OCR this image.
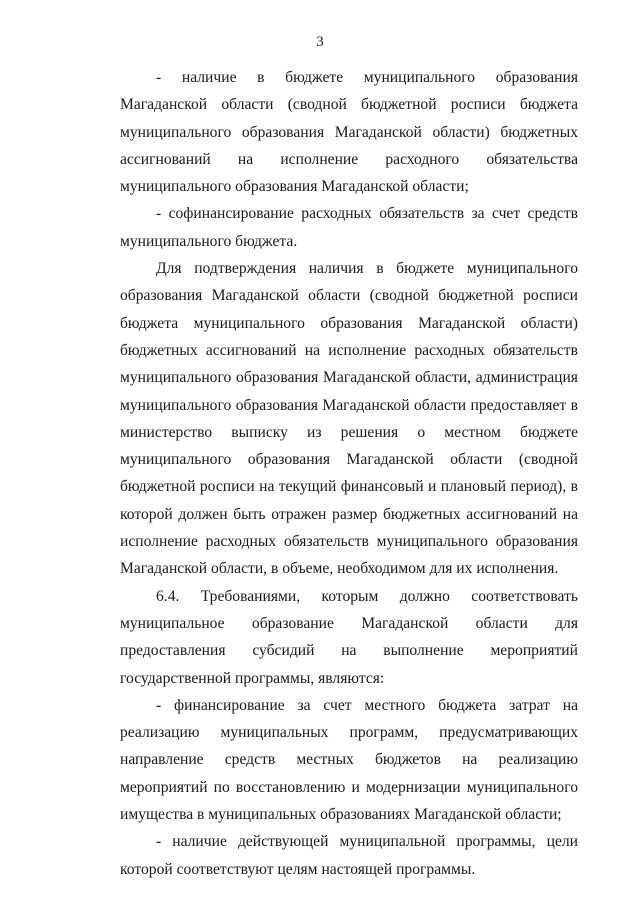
3

- наличие в бюджете муниципального образования Магаданской области (сводной бюджетной росписи бюджета муниципального образования Магаданской области) бюджетных ассигнований на исполнение расходного обязательства муниципального образования Магаданской области;

- софинансирование расходных обязательств за счет средств муниципального бюджета.

Для подтверждения наличия в бюджете муниципального образования Магаданской области (сводной бюджетной росписи бюджета муниципального образования Магаданской области) бюджетных ассигнований на исполнение расходных обязательств муниципального образования Магаданской области, администрация муниципального образования Магаданской области предоставляет в министерство выписку из решения о местном бюджете муниципального образования Магаданской области (сводной бюджетной росписи на текущий финансовый и плановый период), в которой должен быть отражен размер бюджетных ассигнований на исполнение расходных обязательств муниципального образования Магаданской области, в объеме, необходимом для их исполнения.

6.4. Требованиями, которым должно соответствовать муниципальное образование Магаданской области для предоставления субсидий на выполнение мероприятий государственной программы, являются:

- финансирование за счет местного бюджета затрат на реализацию муниципальных программ, предусматривающих направление средств местных бюджетов на реализацию мероприятий по восстановлению и модернизации муниципального имущества в муниципальных образованиях Магаданской области;

- наличие действующей муниципальной программы, цели которой соответствуют целям настоящей программы.
